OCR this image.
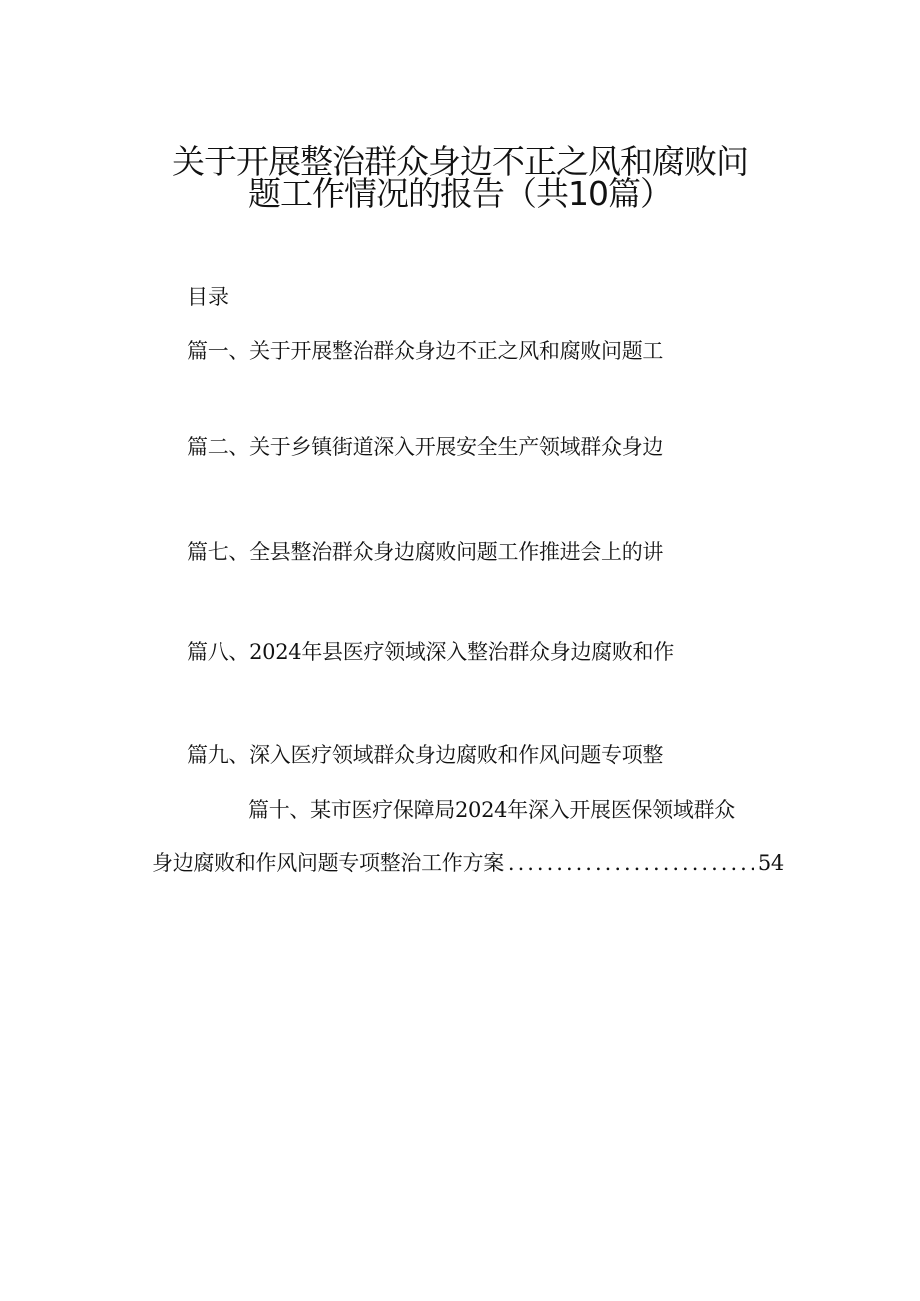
关于开展整治群众身边不正之风和腐败问
题工作情况的报告（共10篇）
目录
篇一、关于开展整治群众身边不正之风和腐败问题工
篇二、关于乡镇街道深入开展安全生产领域群众身边
篇七、全县整治群众身边腐败问题工作推进会上的讲
篇八、2024年县医疗领域深入整治群众身边腐败和作
篇九、深入医疗领域群众身边腐败和作风问题专项整
篇十、某市医疗保障局2024年深入开展医保领域群众
身边腐败和作风问题专项整治工作方案
.....	54
